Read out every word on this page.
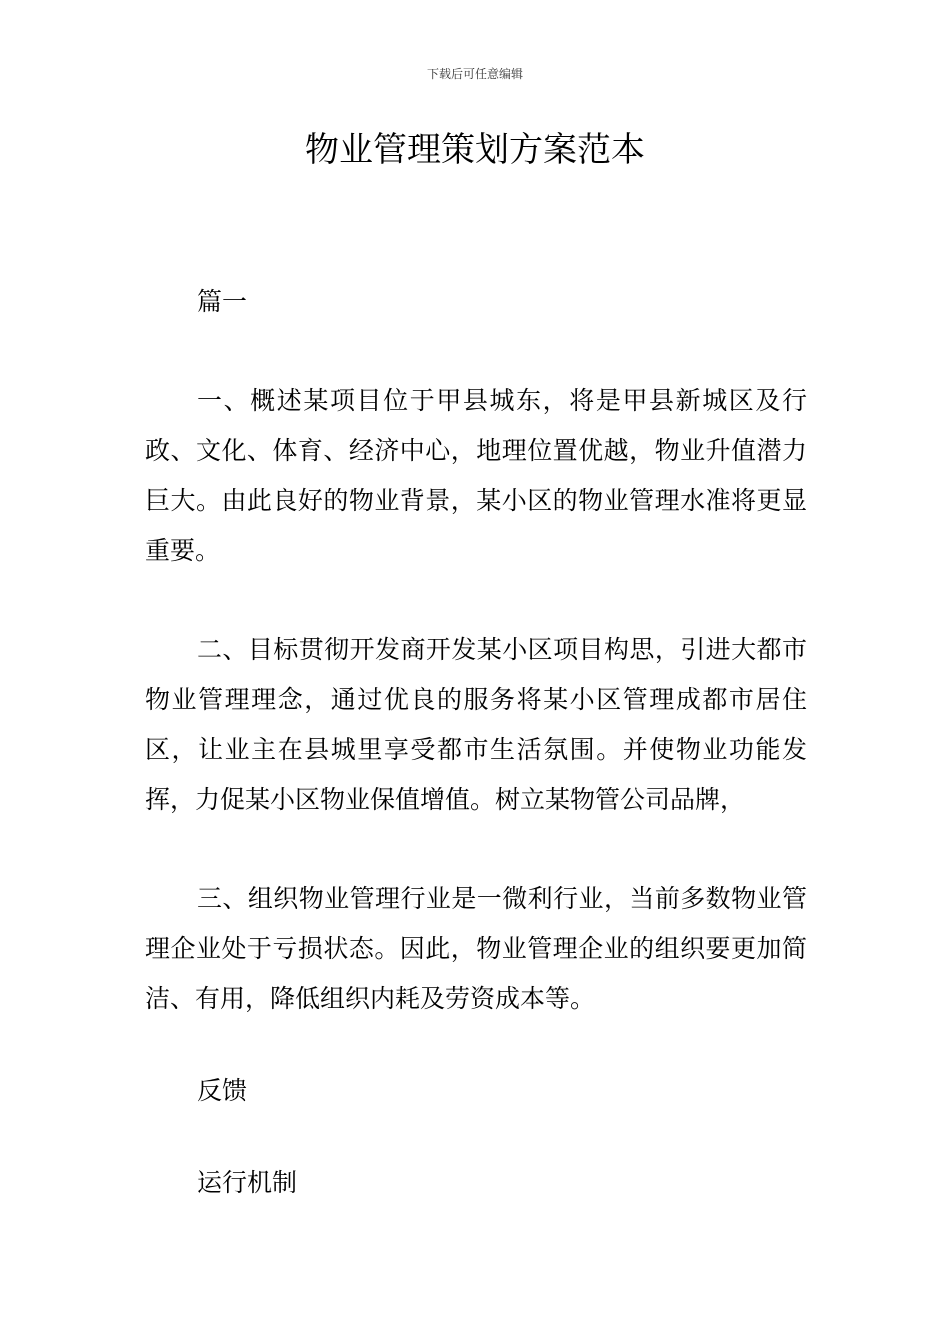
下载后可任意编辑
物业管理策划方案范本

篇一

一、概述某项目位于甲县城东，将是甲县新城区及行政、文化、体育、经济中心，地理位置优越，物业升值潜力巨大。由此良好的物业背景，某小区的物业管理水准将更显重要。

二、目标贯彻开发商开发某小区项目构思，引进大都市物业管理理念，通过优良的服务将某小区管理成都市居住区，让业主在县城里享受都市生活氛围。并使物业功能发挥，力促某小区物业保值增值。树立某物管公司品牌，

三、组织物业管理行业是一微利行业，当前多数物业管理企业处于亏损状态。因此，物业管理企业的组织要更加简洁、有用，降低组织内耗及劳资成本等。

反馈

运行机制
